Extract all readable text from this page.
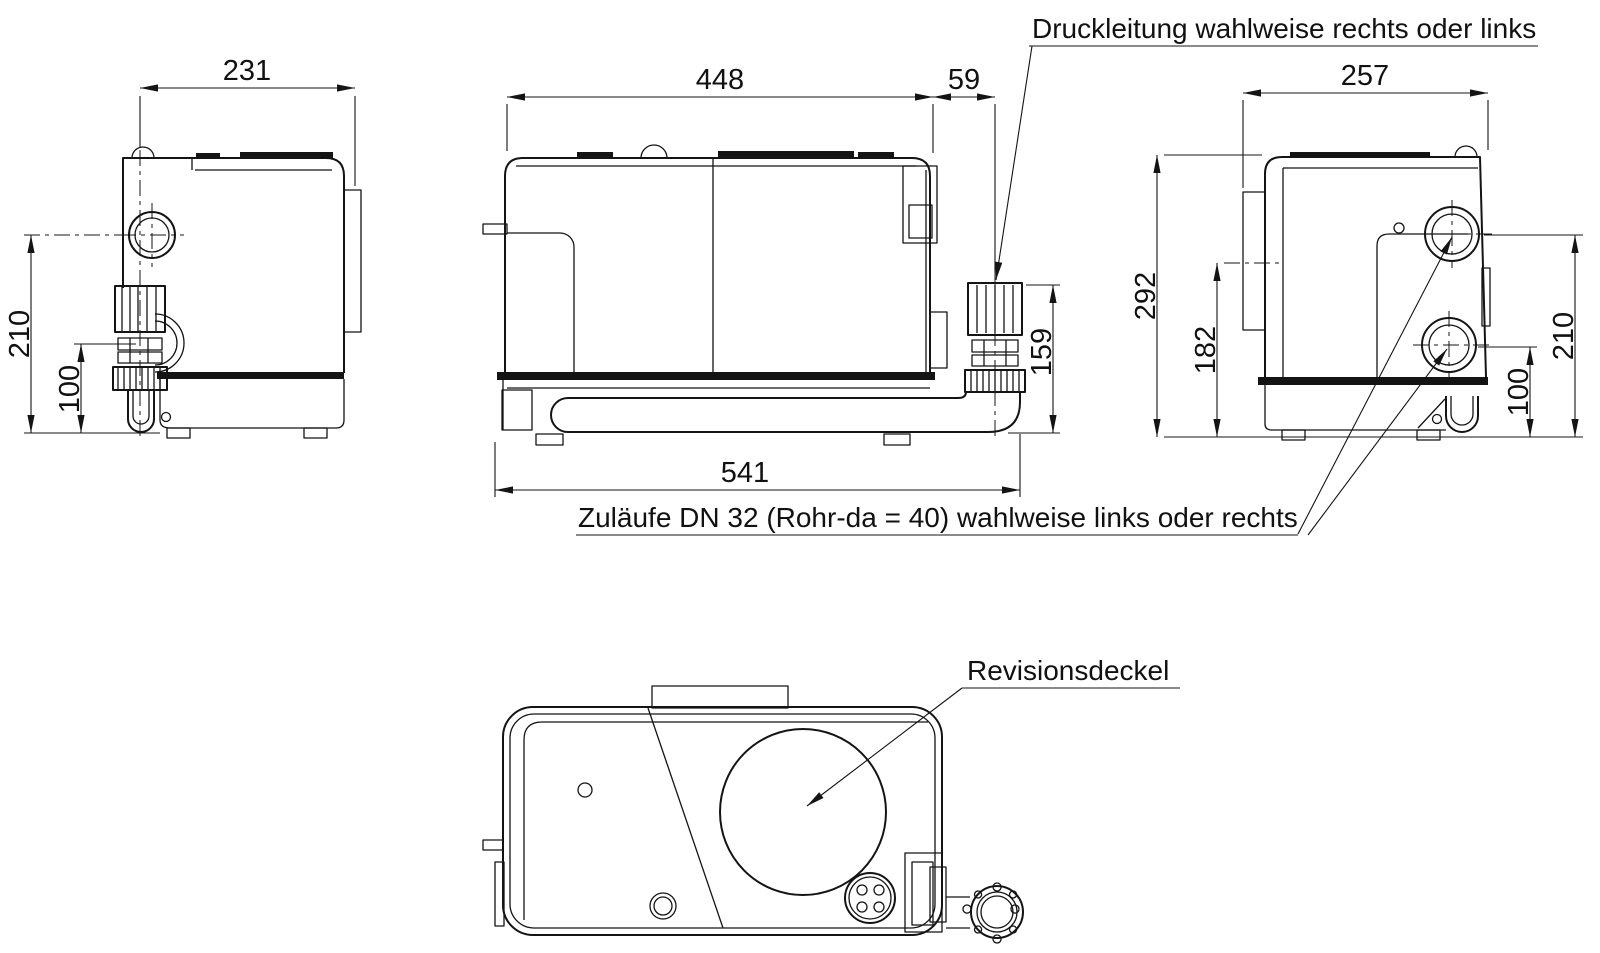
231
210
100
448	59
541
159
257
292
182	210
100
Druckleitung wahlweise rechts oder links
Zuläufe DN 32 (Rohr-da = 40) wahlweise links oder rechts
Revisionsdeckel
